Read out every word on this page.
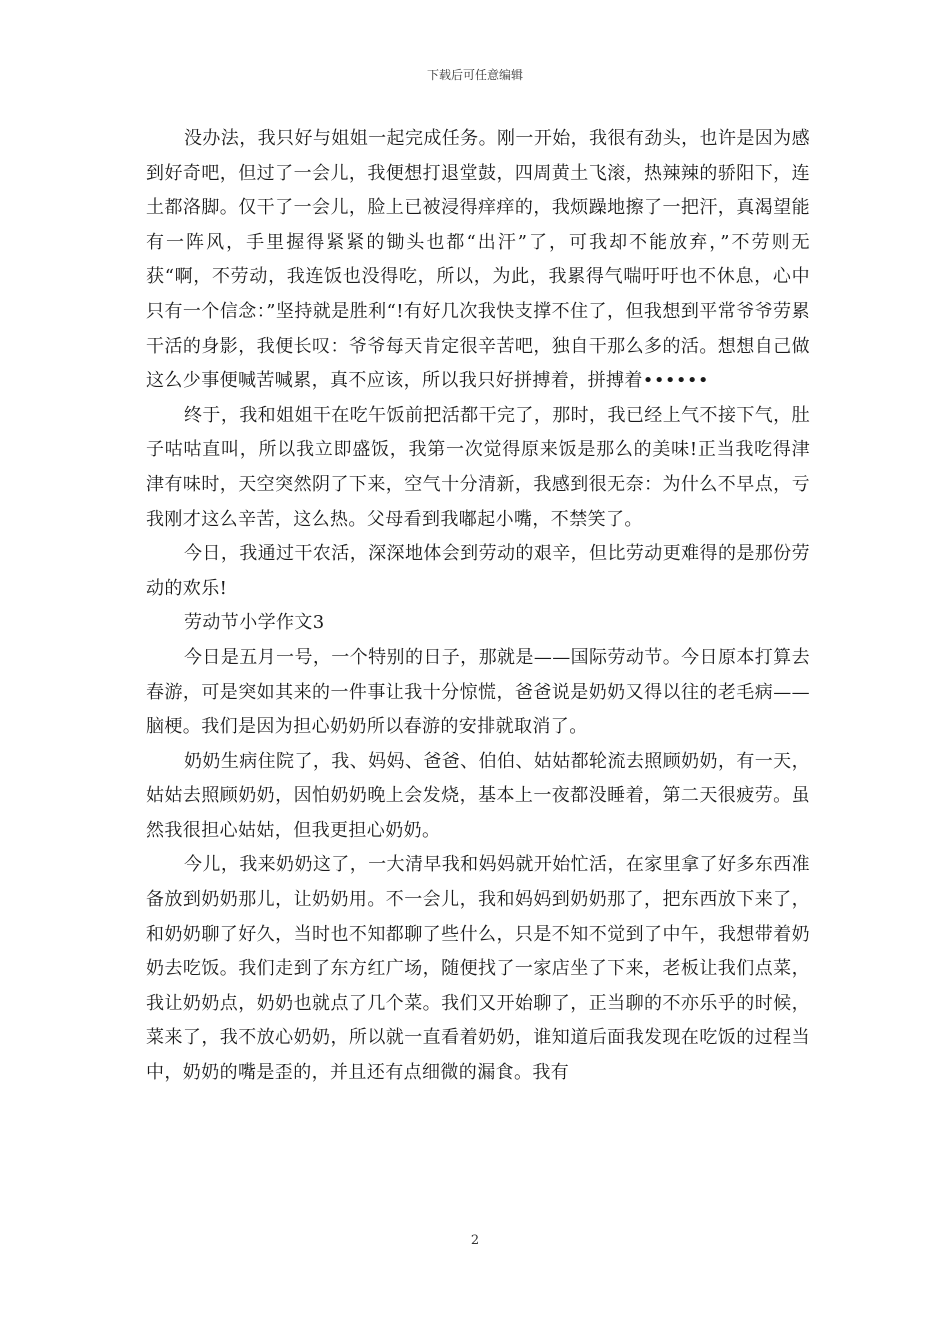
下载后可任意编辑

没办法，我只好与姐姐一起完成任务。刚一开始，我很有劲头，也许是因为感到好奇吧，但过了一会儿，我便想打退堂鼓，四周黄土飞滚，热辣辣的骄阳下，连土都洛脚。仅干了一会儿，脸上已被浸得痒痒的，我烦躁地擦了一把汗，真渴望能有一阵风，手里握得紧紧的锄头也都“出汗”了，可我却不能放弃，”不劳则无获“啊，不劳动，我连饭也没得吃，所以，为此，我累得气喘吁吁也不休息，心中只有一个信念：”坚持就是胜利“!有好几次我快支撑不住了，但我想到平常爷爷劳累干活的身影，我便长叹：爷爷每天肯定很辛苦吧，独自干那么多的活。想想自己做这么少事便喊苦喊累，真不应该，所以我只好拼搏着，拼搏着••••••

终于，我和姐姐干在吃午饭前把活都干完了，那时，我已经上气不接下气，肚子咕咕直叫，所以我立即盛饭，我第一次觉得原来饭是那么的美味!正当我吃得津津有味时，天空突然阴了下来，空气十分清新，我感到很无奈：为什么不早点，亏我刚才这么辛苦，这么热。父母看到我嘟起小嘴，不禁笑了。

今日，我通过干农活，深深地体会到劳动的艰辛，但比劳动更难得的是那份劳动的欢乐!

劳动节小学作文3

今日是五月一号，一个特别的日子，那就是——国际劳动节。今日原本打算去春游，可是突如其来的一件事让我十分惊慌，爸爸说是奶奶又得以往的老毛病——脑梗。我们是因为担心奶奶所以春游的安排就取消了。

奶奶生病住院了，我、妈妈、爸爸、伯伯、姑姑都轮流去照顾奶奶，有一天，姑姑去照顾奶奶，因怕奶奶晚上会发烧，基本上一夜都没睡着，第二天很疲劳。虽然我很担心姑姑，但我更担心奶奶。

今儿，我来奶奶这了，一大清早我和妈妈就开始忙活，在家里拿了好多东西准备放到奶奶那儿，让奶奶用。不一会儿，我和妈妈到奶奶那了，把东西放下来了，和奶奶聊了好久，当时也不知都聊了些什么，只是不知不觉到了中午，我想带着奶奶去吃饭。我们走到了东方红广场，随便找了一家店坐了下来，老板让我们点菜，我让奶奶点，奶奶也就点了几个菜。我们又开始聊了，正当聊的不亦乐乎的时候，菜来了，我不放心奶奶，所以就一直看着奶奶，谁知道后面我发现在吃饭的过程当中，奶奶的嘴是歪的，并且还有点细微的漏食。我有

2
